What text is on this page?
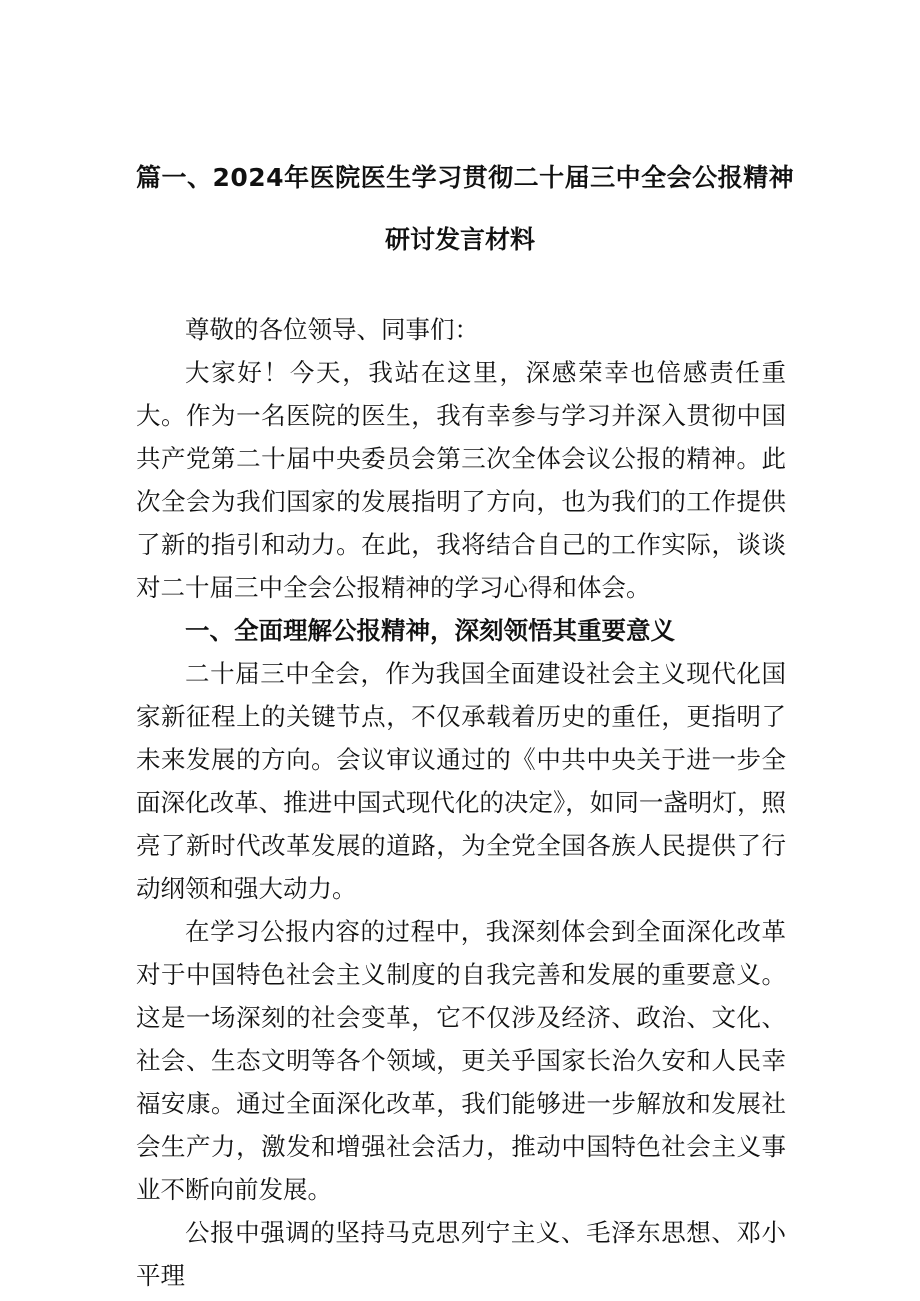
篇一、2024年医院医生学习贯彻二十届三中全会公报精神
研讨发言材料

尊敬的各位领导、同事们：

大家好！今天，我站在这里，深感荣幸也倍感责任重大。作为一名医院的医生，我有幸参与学习并深入贯彻中国共产党第二十届中央委员会第三次全体会议公报的精神。此次全会为我们国家的发展指明了方向，也为我们的工作提供了新的指引和动力。在此，我将结合自己的工作实际，谈谈对二十届三中全会公报精神的学习心得和体会。

一、全面理解公报精神，深刻领悟其重要意义

二十届三中全会，作为我国全面建设社会主义现代化国家新征程上的关键节点，不仅承载着历史的重任，更指明了未来发展的方向。会议审议通过的《中共中央关于进一步全面深化改革、推进中国式现代化的决定》，如同一盏明灯，照亮了新时代改革发展的道路，为全党全国各族人民提供了行动纲领和强大动力。

在学习公报内容的过程中，我深刻体会到全面深化改革对于中国特色社会主义制度的自我完善和发展的重要意义。这是一场深刻的社会变革，它不仅涉及经济、政治、文化、社会、生态文明等各个领域，更关乎国家长治久安和人民幸福安康。通过全面深化改革，我们能够进一步解放和发展社会生产力，激发和增强社会活力，推动中国特色社会主义事业不断向前发展。

公报中强调的坚持马克思列宁主义、毛泽东思想、邓小平理
